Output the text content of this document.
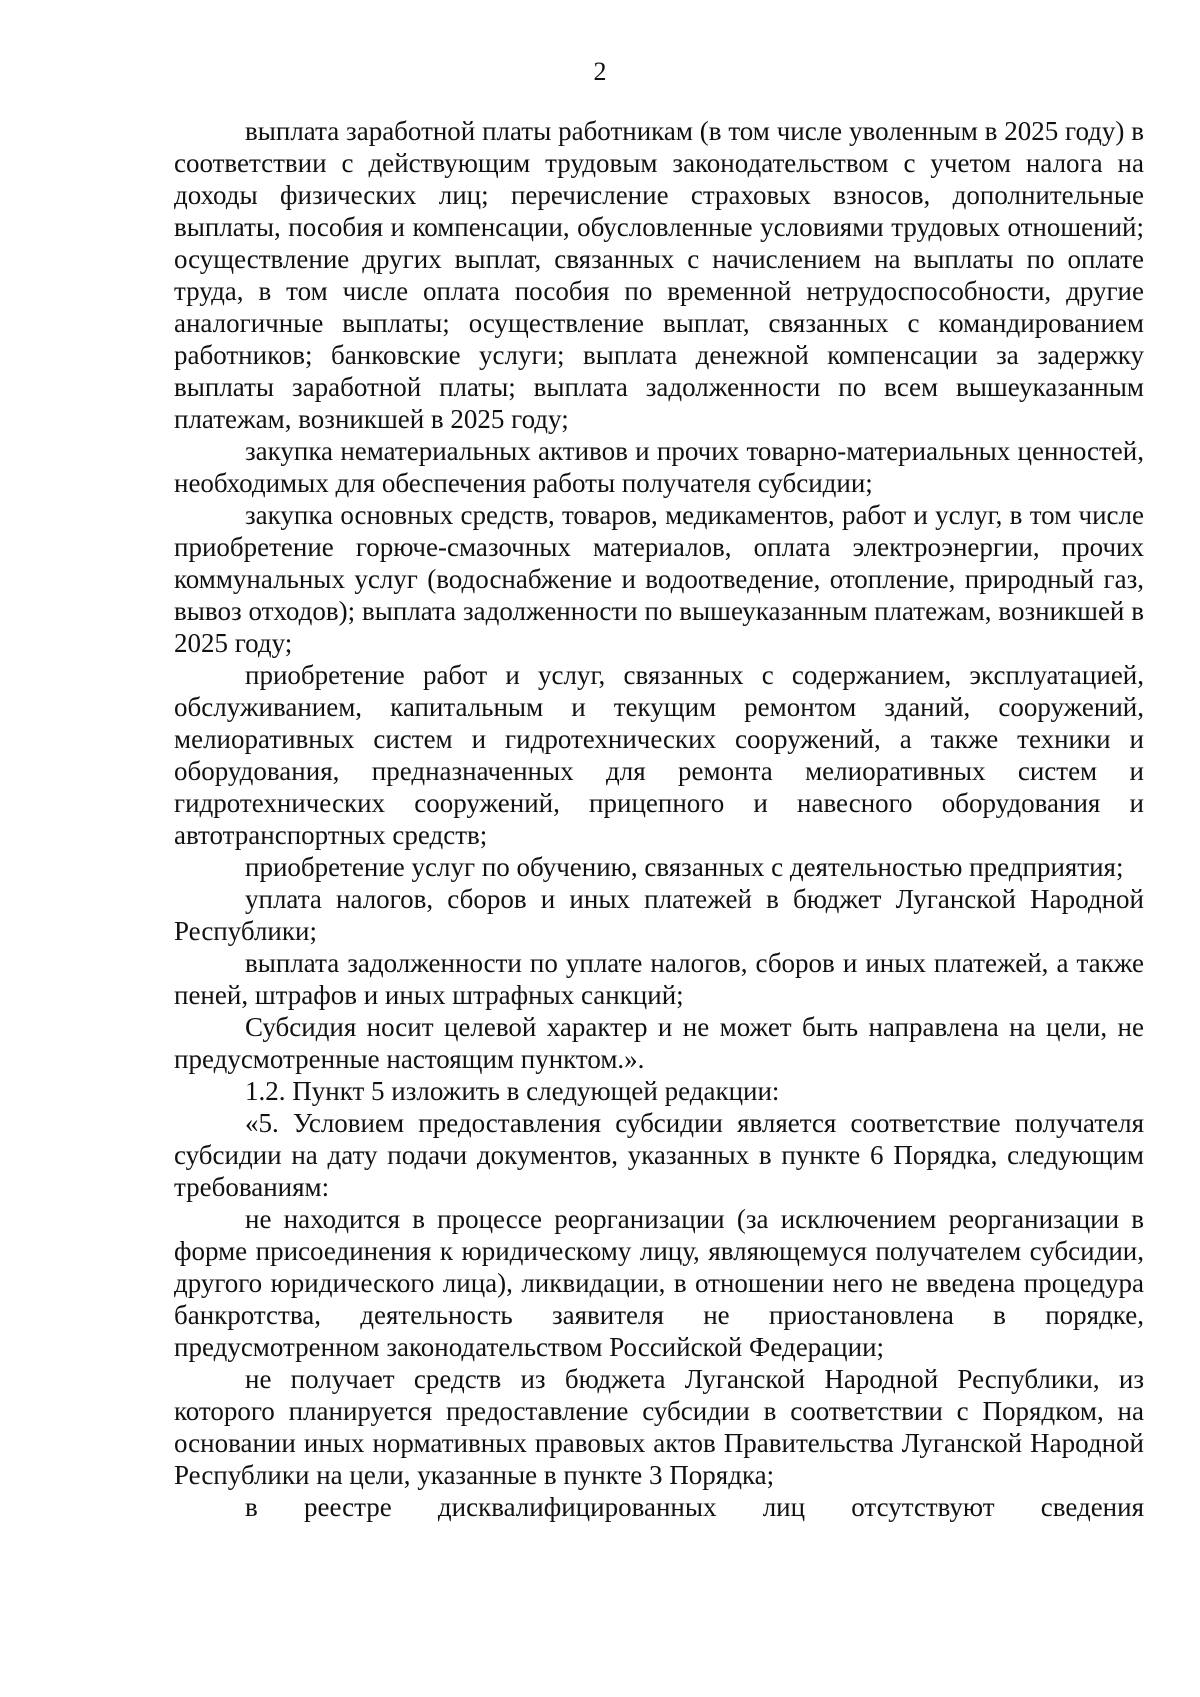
2

выплата заработной платы работникам (в том числе уволенным в 2025 году) в соответствии с действующим трудовым законодательством с учетом налога на доходы физических лиц; перечисление страховых взносов, дополнительные выплаты, пособия и компенсации, обусловленные условиями трудовых отношений; осуществление других выплат, связанных с начислением на выплаты по оплате труда, в том числе оплата пособия по временной нетрудоспособности, другие аналогичные выплаты; осуществление выплат, связанных с командированием работников; банковские услуги; выплата денежной компенсации за задержку выплаты заработной платы; выплата задолженности по всем вышеуказанным платежам, возникшей в 2025 году;

закупка нематериальных активов и прочих товарно-материальных ценностей, необходимых для обеспечения работы получателя субсидии;

закупка основных средств, товаров, медикаментов, работ и услуг, в том числе приобретение горюче-смазочных материалов, оплата электроэнергии, прочих коммунальных услуг (водоснабжение и водоотведение, отопление, природный газ, вывоз отходов); выплата задолженности по вышеуказанным платежам, возникшей в 2025 году;

приобретение работ и услуг, связанных с содержанием, эксплуатацией, обслуживанием, капитальным и текущим ремонтом зданий, сооружений, мелиоративных систем и гидротехнических сооружений, а также техники и оборудования, предназначенных для ремонта мелиоративных систем и гидротехнических сооружений, прицепного и навесного оборудования и автотранспортных средств;

приобретение услуг по обучению, связанных с деятельностью предприятия;

уплата налогов, сборов и иных платежей в бюджет Луганской Народной Республики;

выплата задолженности по уплате налогов, сборов и иных платежей, а также пеней, штрафов и иных штрафных санкций;

Субсидия носит целевой характер и не может быть направлена на цели, не предусмотренные настоящим пунктом.».

1.2. Пункт 5 изложить в следующей редакции:

«5. Условием предоставления субсидии является соответствие получателя субсидии на дату подачи документов, указанных в пункте 6 Порядка, следующим требованиям:

не находится в процессе реорганизации (за исключением реорганизации в форме присоединения к юридическому лицу, являющемуся получателем субсидии, другого юридического лица), ликвидации, в отношении него не введена процедура банкротства, деятельность заявителя не приостановлена в порядке, предусмотренном законодательством Российской Федерации;

не получает средств из бюджета Луганской Народной Республики, из которого планируется предоставление субсидии в соответствии с Порядком, на основании иных нормативных правовых актов Правительства Луганской Народной Республики на цели, указанные в пункте 3 Порядка;

в реестре дисквалифицированных лиц отсутствуют сведения
